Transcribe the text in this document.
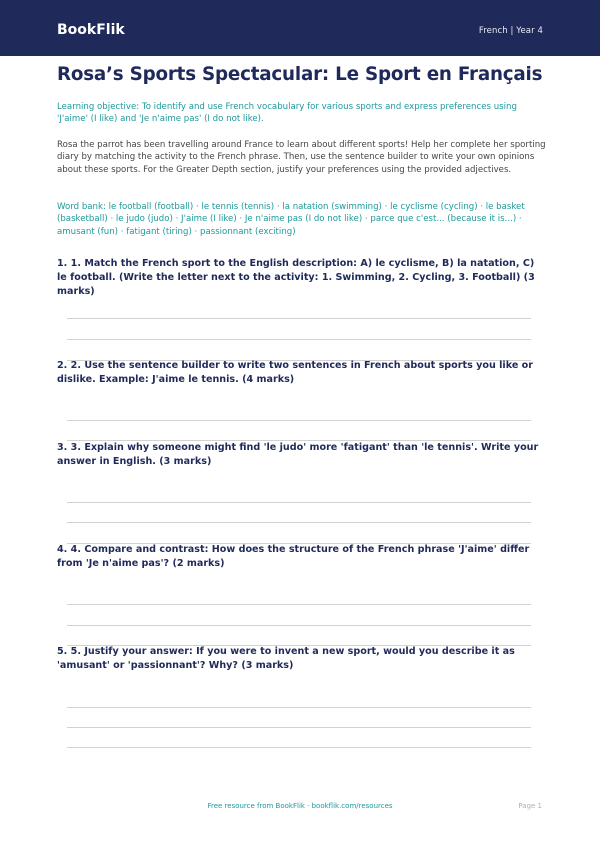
BookFlik	French | Year 4
Rosa’s Sports Spectacular: Le Sport en Français
Learning objective: To identify and use French vocabulary for various sports and express preferences using 'J'aime' (I like) and 'Je n'aime pas' (I do not like).
Rosa the parrot has been travelling around France to learn about different sports! Help her complete her sporting diary by matching the activity to the French phrase. Then, use the sentence builder to write your own opinions about these sports. For the Greater Depth section, justify your preferences using the provided adjectives.
Word bank: le football (football) · le tennis (tennis) · la natation (swimming) · le cyclisme (cycling) · le basket (basketball) · le judo (judo) · J'aime (I like) · Je n'aime pas (I do not like) · parce que c'est... (because it is...) · amusant (fun) · fatigant (tiring) · passionnant (exciting)
1. 1. Match the French sport to the English description: A) le cyclisme, B) la natation, C) le football. (Write the letter next to the activity: 1. Swimming, 2. Cycling, 3. Football) (3 marks)
2. 2. Use the sentence builder to write two sentences in French about sports you like or dislike. Example: J'aime le tennis. (4 marks)
3. 3. Explain why someone might find 'le judo' more 'fatigant' than 'le tennis'. Write your answer in English. (3 marks)
4. 4. Compare and contrast: How does the structure of the French phrase 'J'aime' differ from 'Je n'aime pas'? (2 marks)
5. 5. Justify your answer: If you were to invent a new sport, would you describe it as 'amusant' or 'passionnant'? Why? (3 marks)
Free resource from BookFlik · bookflik.com/resources	Page 1
